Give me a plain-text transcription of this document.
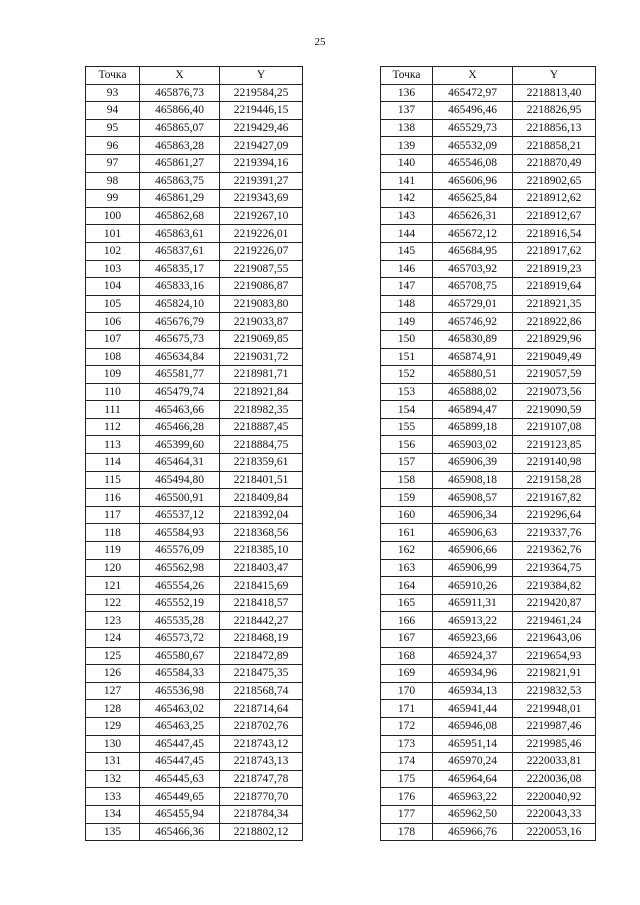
25
Точка	X	Y
93	465876,73	2219584,25
94	465866,40	2219446,15
95	465865,07	2219429,46
96	465863,28	2219427,09
97	465861,27	2219394,16
98	465863,75	2219391,27
99	465861,29	2219343,69
100	465862,68	2219267,10
101	465863,61	2219226,01
102	465837,61	2219226,07
103	465835,17	2219087,55
104	465833,16	2219086,87
105	465824,10	2219083,80
106	465676,79	2219033,87
107	465675,73	2219069,85
108	465634,84	2219031,72
109	465581,77	2218981,71
110	465479,74	2218921,84
111	465463,66	2218982,35
112	465466,28	2218887,45
113	465399,60	2218884,75
114	465464,31	2218359,61
115	465494,80	2218401,51
116	465500,91	2218409,84
117	465537,12	2218392,04
118	465584,93	2218368,56
119	465576,09	2218385,10
120	465562,98	2218403,47
121	465554,26	2218415,69
122	465552,19	2218418,57
123	465535,28	2218442,27
124	465573,72	2218468,19
125	465580,67	2218472,89
126	465584,33	2218475,35
127	465536,98	2218568,74
128	465463,02	2218714,64
129	465463,25	2218702,76
130	465447,45	2218743,12
131	465447,45	2218743,13
132	465445,63	2218747,78
133	465449,65	2218770,70
134	465455,94	2218784,34
135	465466,36	2218802,12
Точка	X	Y
136	465472,97	2218813,40
137	465496,46	2218826,95
138	465529,73	2218856,13
139	465532,09	2218858,21
140	465546,08	2218870,49
141	465606,96	2218902,65
142	465625,84	2218912,62
143	465626,31	2218912,67
144	465672,12	2218916,54
145	465684,95	2218917,62
146	465703,92	2218919,23
147	465708,75	2218919,64
148	465729,01	2218921,35
149	465746,92	2218922,86
150	465830,89	2218929,96
151	465874,91	2219049,49
152	465880,51	2219057,59
153	465888,02	2219073,56
154	465894,47	2219090,59
155	465899,18	2219107,08
156	465903,02	2219123,85
157	465906,39	2219140,98
158	465908,18	2219158,28
159	465908,57	2219167,82
160	465906,34	2219296,64
161	465906,63	2219337,76
162	465906,66	2219362,76
163	465906,99	2219364,75
164	465910,26	2219384,82
165	465911,31	2219420,87
166	465913,22	2219461,24
167	465923,66	2219643,06
168	465924,37	2219654,93
169	465934,96	2219821,91
170	465934,13	2219832,53
171	465941,44	2219948,01
172	465946,08	2219987,46
173	465951,14	2219985,46
174	465970,24	2220033,81
175	465964,64	2220036,08
176	465963,22	2220040,92
177	465962,50	2220043,33
178	465966,76	2220053,16
